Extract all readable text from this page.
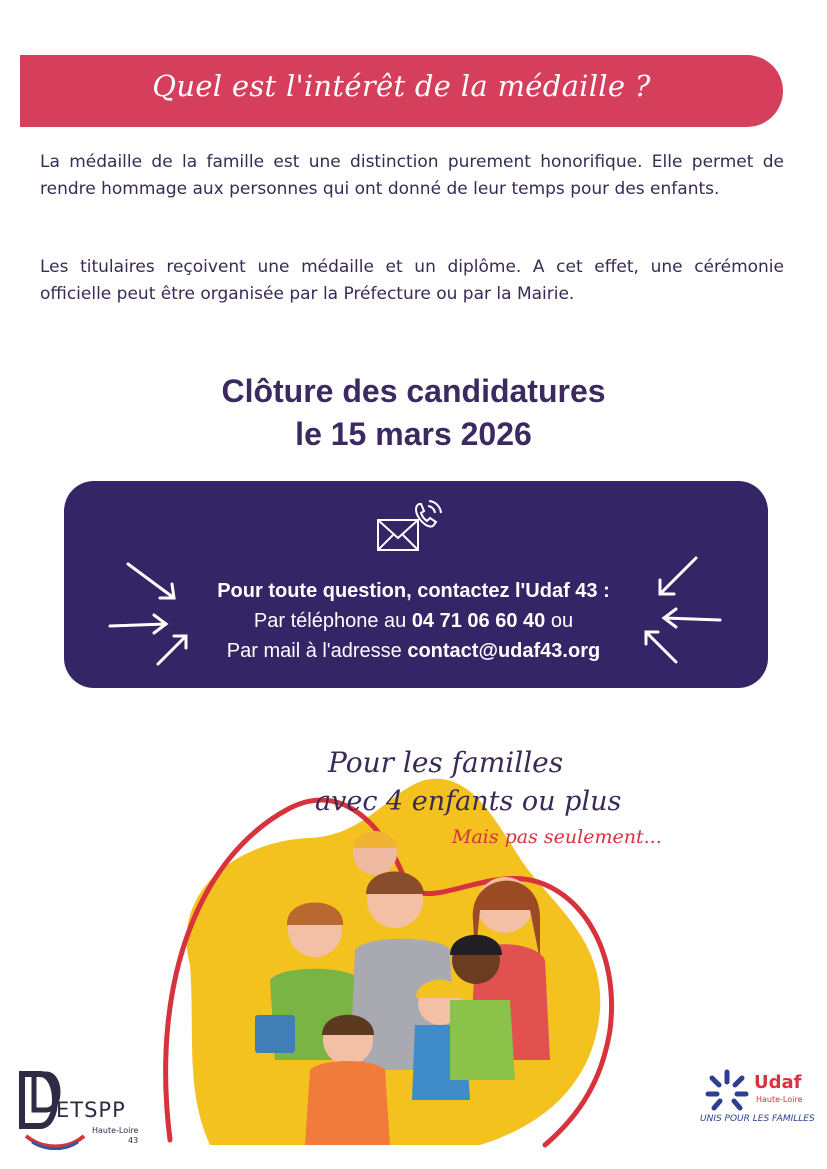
Quel est l'intérêt de la médaille ?

La médaille de la famille est une distinction purement honorifique. Elle permet de rendre hommage aux personnes qui ont donné de leur temps pour des enfants.

Les titulaires reçoivent une médaille et un diplôme. A cet effet, une cérémonie officielle peut être organisée par la Préfecture ou par la Mairie.

Clôture des candidatures
le 15 mars 2026
Pour toute question, contactez l'Udaf 43 :
Par téléphone au 04 71 06 60 40 ou
Par mail à l'adresse contact@udaf43.org
Pour les familles
avec 4 enfants ou plus
Mais pas seulement...
ETSPP
Haute-Loire
43
Udaf
Haute-Loire
UNIS POUR LES FAMILLES
